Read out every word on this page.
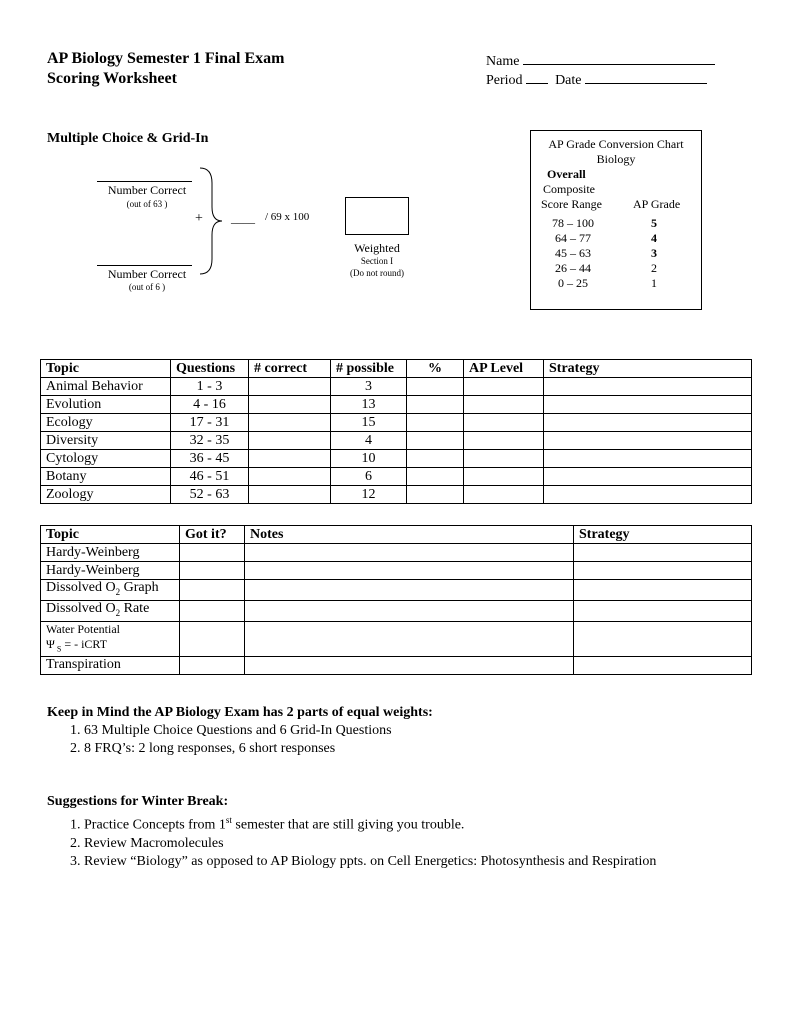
AP Biology Semester 1 Final Exam
Scoring Worksheet
Name
Period Date
Multiple Choice & Grid-In
Number Correct
(out of 63 )
Number Correct
(out of 6 )
+ ____ / 69 x 100
Weighted
Section I
(Do not round)
AP Grade Conversion Chart
Biology
Overall
Composite
Score Range	AP Grade
78 – 100	5
64 – 77	4
45 – 63	3
26 – 44	2
0 – 25	1
Topic	Questions	# correct	# possible	%	AP Level	Strategy
Animal Behavior	1 - 3		3			
Evolution	4 - 16		13			
Ecology	17 - 31		15			
Diversity	32 - 35		4			
Cytology	36 - 45		10			
Botany	46 - 51		6			
Zoology	52 - 63		12			
Topic	Got it?	Notes	Strategy
Hardy-Weinberg			
Hardy-Weinberg			
Dissolved $O_2$ Graph			
Dissolved $O_2$ Rate			

Water Potential
Ψ $_S$ = - iCRT			

Transpiration			
Keep in Mind the AP Biology Exam has 2 parts of equal weights:
1. 63 Multiple Choice Questions and 6 Grid-In Questions
2. 8 FRQ’s: 2 long responses, 6 short responses
Suggestions for Winter Break:
1. Practice Concepts from 1st semester that are still giving you trouble.
2. Review Macromolecules
3. Review “Biology” as opposed to AP Biology ppts. on Cell Energetics: Photosynthesis and Respiration
